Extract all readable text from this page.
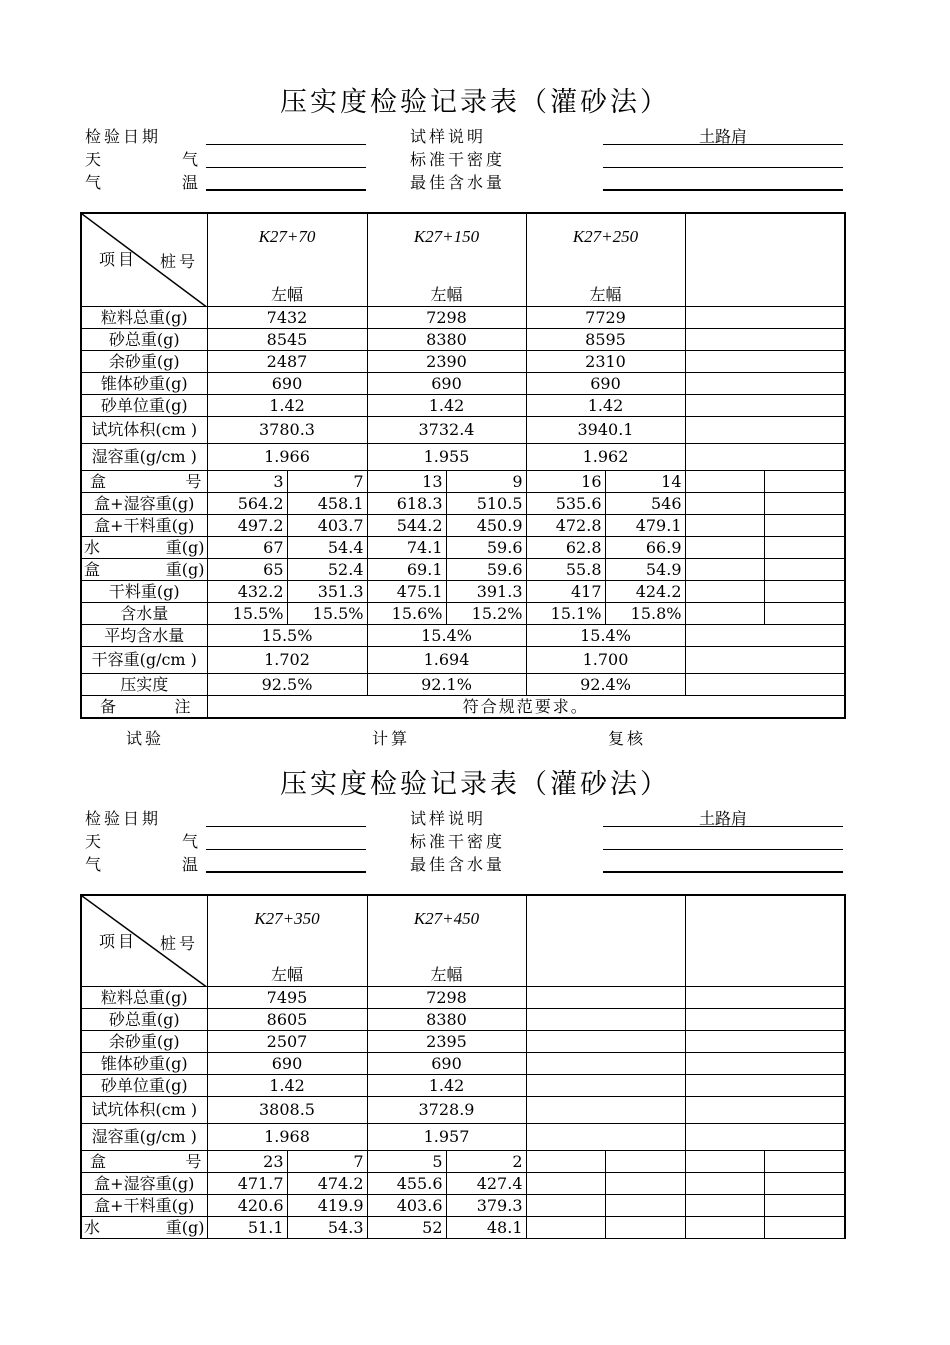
压实度检验记录表（灌砂法）
检验日期
天	气
气	温
试样说明	土路肩
标准干密度
最佳含水量
项目 桩号	K27+70		K27+150		K27+250			
	左幅		左幅		左幅			
粒料总重(g)	7432		7298		7729			
砂总重(g)	8545		8380		8595			
余砂重(g)	2487		2390		2310			
锥体砂重(g)	690		690		690			
砂单位重(g)	1.42		1.42		1.42			
试坑体积(cm )	3780.3		3732.4		3940.1			
湿容重(g/cm )	1.966		1.955		1.962			

盒 号	3	7	13	9	16	14		
盒+湿容重(g)	564.2	458.1	618.3	510.5	535.6	546		
盒+干料重(g)	497.2	403.7	544.2	450.9	472.8	479.1		

水 重(g)	67	54.4	74.1	59.6	62.8	66.9		

盒 重(g)	65	52.4	69.1	59.6	55.8	54.9		
干料重(g)	432.2	351.3	475.1	391.3	417	424.2		
含水量	15.5%	15.5%	15.6%	15.2%	15.1%	15.8%		
平均含水量	15.5%		15.4%		15.4%			
干容重(g/cm )	1.702		1.694		1.700			
压实度	92.5%		92.1%		92.4%			

备 注	符合规范要求。							
试验	计算	复核
压实度检验记录表（灌砂法）
检验日期
天	气
气	温
试样说明	土路肩
标准干密度
最佳含水量
项目 桩号	K27+350		K27+450					
	左幅		左幅					
粒料总重(g)	7495		7298					
砂总重(g)	8605		8380					
余砂重(g)	2507		2395					
锥体砂重(g)	690		690					
砂单位重(g)	1.42		1.42					
试坑体积(cm )	3808.5		3728.9					
湿容重(g/cm )	1.968		1.957					

盒 号	23	7	5	2				
盒+湿容重(g)	471.7	474.2	455.6	427.4				
盒+干料重(g)	420.6	419.9	403.6	379.3				

水 重(g)	51.1	54.3	52	48.1				
